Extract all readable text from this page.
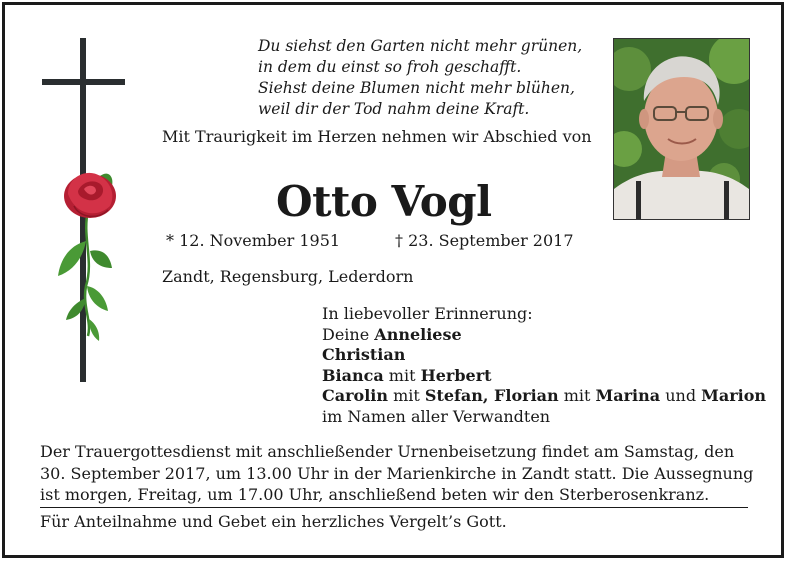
Du siehst den Garten nicht mehr grünen,
in dem du einst so froh geschafft.
Siehst deine Blumen nicht mehr blühen,
weil dir der Tod nahm deine Kraft.
Mit Traurigkeit im Herzen nehmen wir Abschied von
Otto Vogl
* 12. November 1951	† 23. September 2017
Zandt, Regensburg, Lederdorn
In liebevoller Erinnerung:
Deine Anneliese
Christian
Bianca mit Herbert
Carolin mit Stefan, Florian mit Marina und Marion
im Namen aller Verwandten
Der Trauergottesdienst mit anschließender Urnenbeisetzung findet am Samstag, den 30. September 2017, um 13.00 Uhr in der Marienkirche in Zandt statt. Die Aussegnung ist morgen, Freitag, um 17.00 Uhr, anschließend beten wir den Sterberosenkranz.
Für Anteilnahme und Gebet ein herzliches Vergelt’s Gott.
